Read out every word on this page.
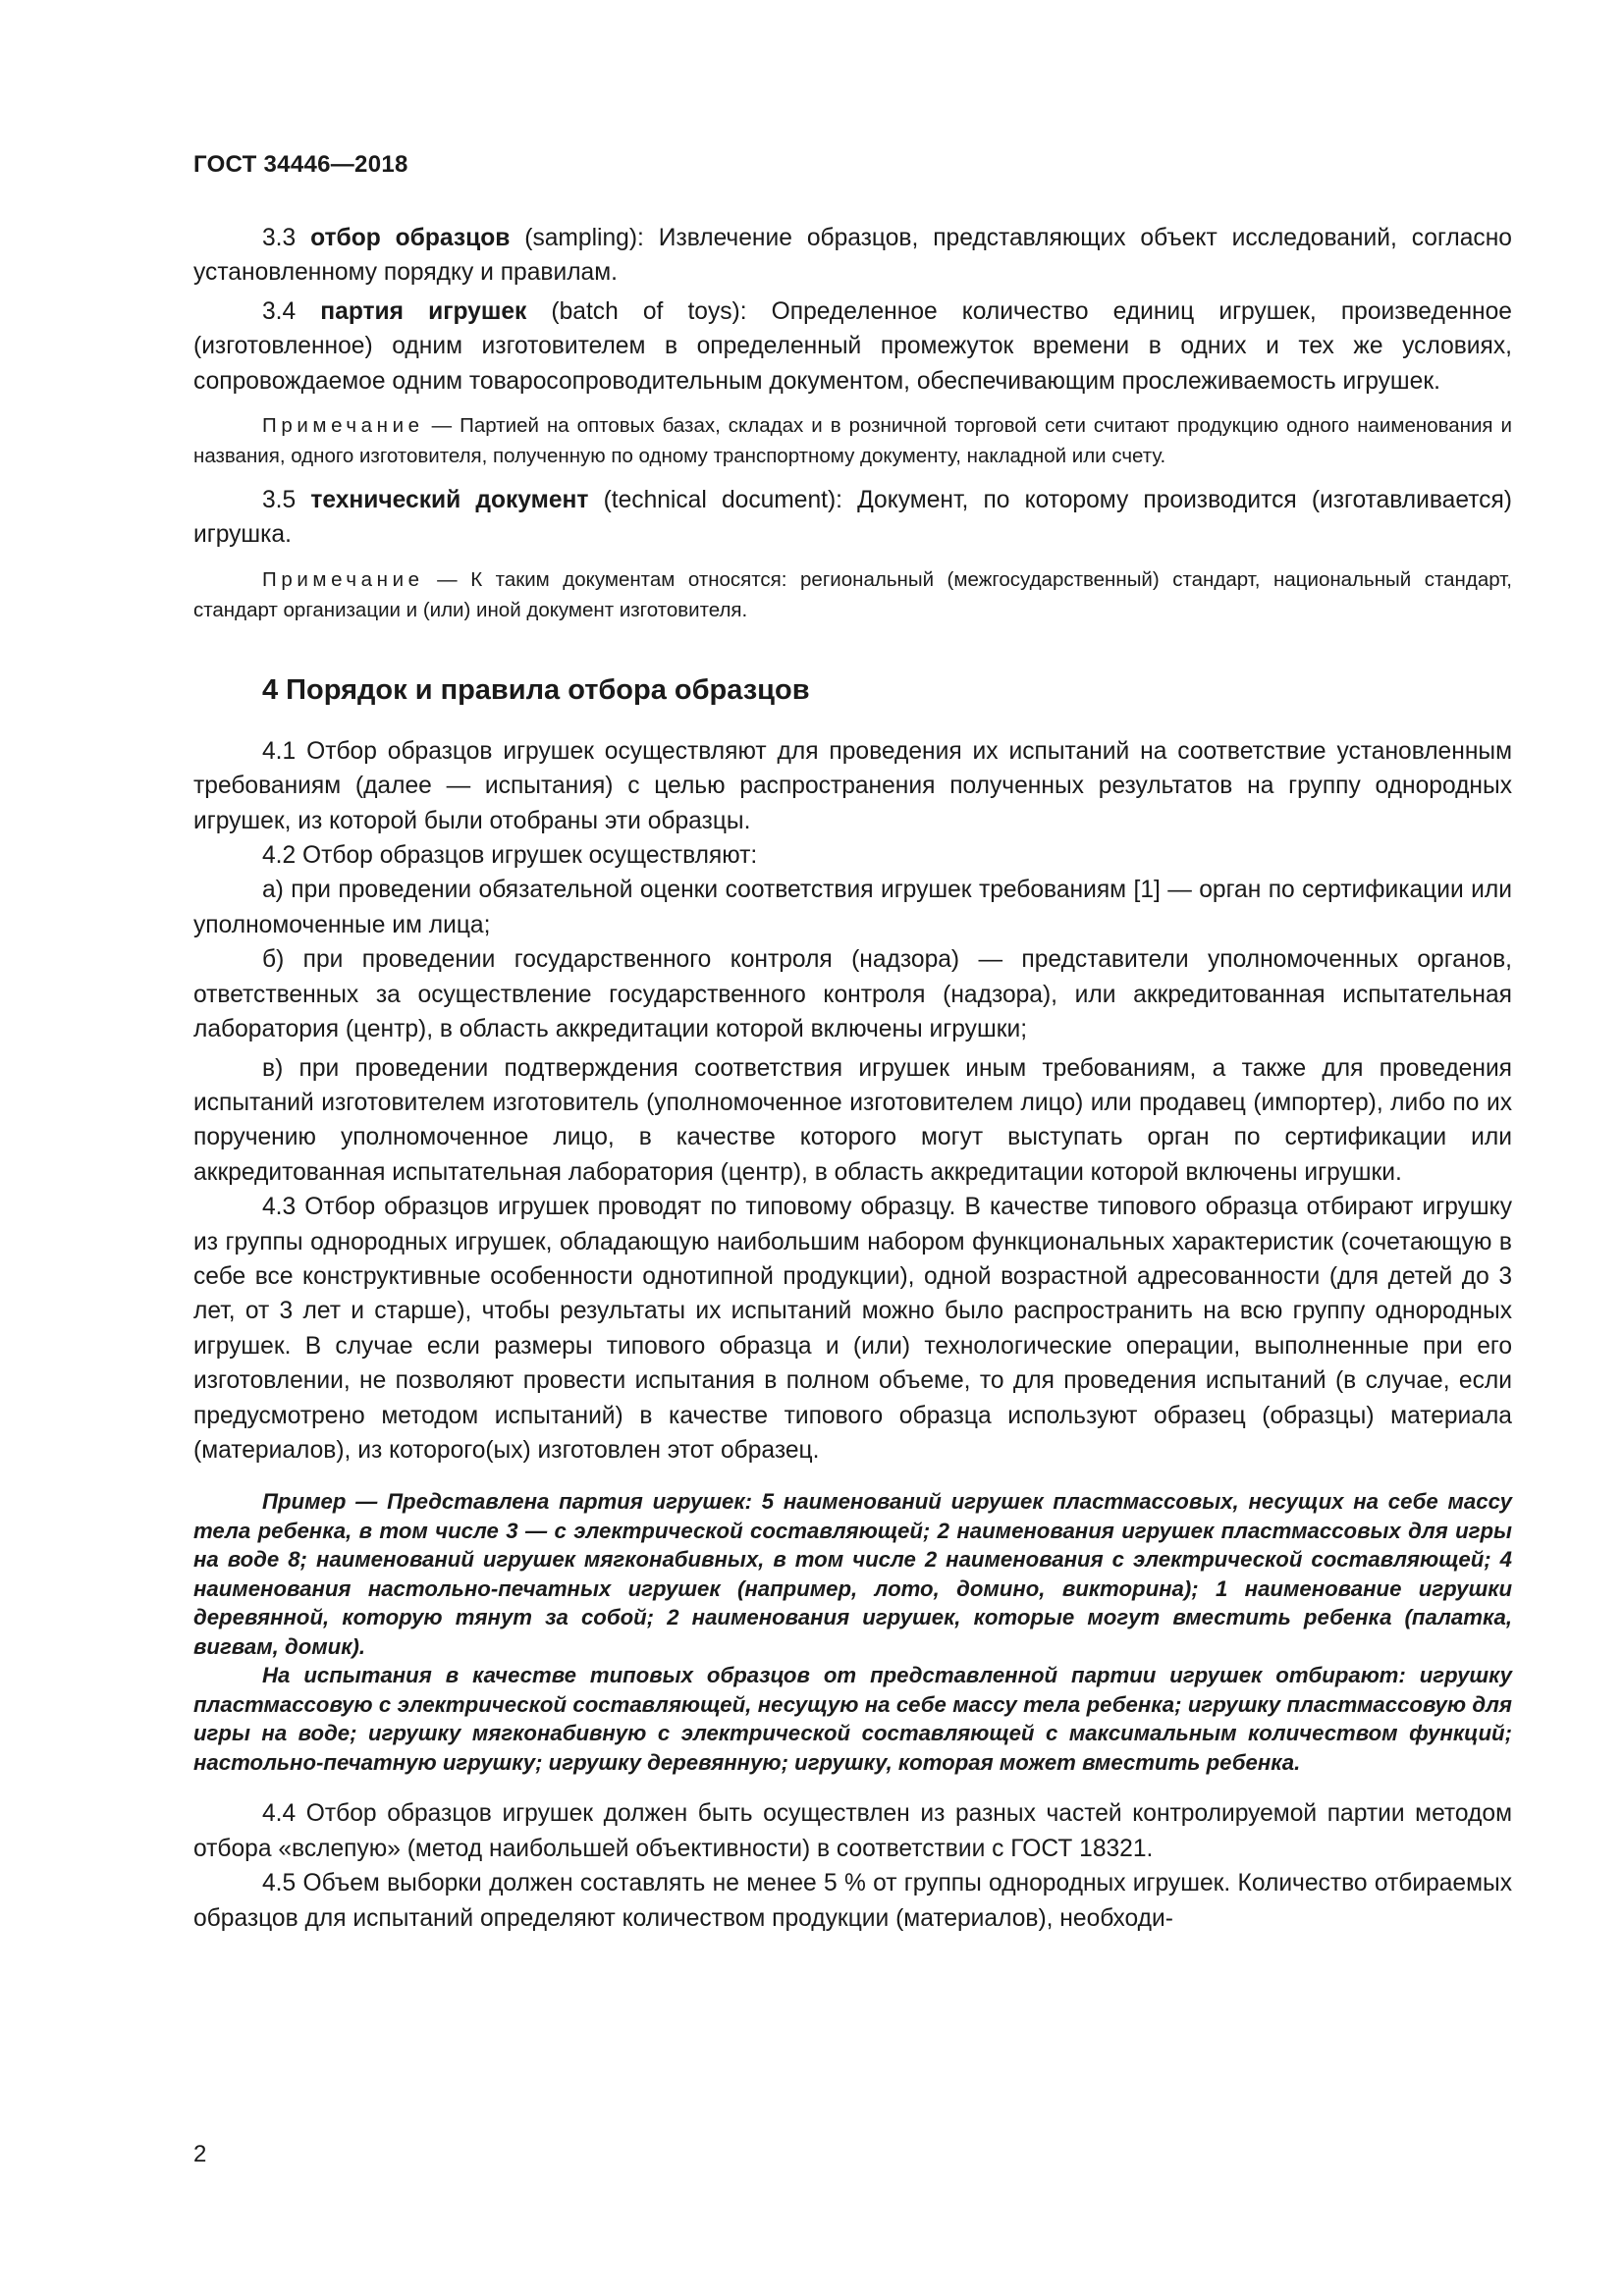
ГОСТ 34446—2018

3.3 отбор образцов (sampling): Извлечение образцов, представляющих объект исследований, согласно установленному порядку и правилам.

3.4 партия игрушек (batch of toys): Определенное количество единиц игрушек, произведенное (изготовленное) одним изготовителем в определенный промежуток времени в одних и тех же условиях, сопровождаемое одним товаросопроводительным документом, обеспечивающим прослеживаемость игрушек.

Примечание — Партией на оптовых базах, складах и в розничной торговой сети считают продукцию одного наименования и названия, одного изготовителя, полученную по одному транспортному документу, накладной или счету.

3.5 технический документ (technical document): Документ, по которому производится (изготавливается) игрушка.

Примечание — К таким документам относятся: региональный (межгосударственный) стандарт, национальный стандарт, стандарт организации и (или) иной документ изготовителя.

4 Порядок и правила отбора образцов

4.1 Отбор образцов игрушек осуществляют для проведения их испытаний на соответствие установленным требованиям (далее — испытания) с целью распространения полученных результатов на группу однородных игрушек, из которой были отобраны эти образцы.

4.2 Отбор образцов игрушек осуществляют:

а) при проведении обязательной оценки соответствия игрушек требованиям [1] — орган по сертификации или уполномоченные им лица;

б) при проведении государственного контроля (надзора) — представители уполномоченных органов, ответственных за осуществление государственного контроля (надзора), или аккредитованная испытательная лаборатория (центр), в область аккредитации которой включены игрушки;

в) при проведении подтверждения соответствия игрушек иным требованиям, а также для проведения испытаний изготовителем изготовитель (уполномоченное изготовителем лицо) или продавец (импортер), либо по их поручению уполномоченное лицо, в качестве которого могут выступать орган по сертификации или аккредитованная испытательная лаборатория (центр), в область аккредитации которой включены игрушки.

4.3 Отбор образцов игрушек проводят по типовому образцу. В качестве типового образца отбирают игрушку из группы однородных игрушек, обладающую наибольшим набором функциональных характеристик (сочетающую в себе все конструктивные особенности однотипной продукции), одной возрастной адресованности (для детей до 3 лет, от 3 лет и старше), чтобы результаты их испытаний можно было распространить на всю группу однородных игрушек. В случае если размеры типового образца и (или) технологические операции, выполненные при его изготовлении, не позволяют провести испытания в полном объеме, то для проведения испытаний (в случае, если предусмотрено методом испытаний) в качестве типового образца используют образец (образцы) материала (материалов), из которого(ых) изготовлен этот образец.

Пример — Представлена партия игрушек: 5 наименований игрушек пластмассовых, несущих на себе массу тела ребенка, в том числе 3 — с электрической составляющей; 2 наименования игрушек пластмассовых для игры на воде 8; наименований игрушек мягконабивных, в том числе 2 наименования с электрической составляющей; 4 наименования настольно-печатных игрушек (например, лото, домино, викторина); 1 наименование игрушки деревянной, которую тянут за собой; 2 наименования игрушек, которые могут вместить ребенка (палатка, вигвам, домик).

На испытания в качестве типовых образцов от представленной партии игрушек отбирают: игрушку пластмассовую с электрической составляющей, несущую на себе массу тела ребенка; игрушку пластмассовую для игры на воде; игрушку мягконабивную с электрической составляющей с максимальным количеством функций; настольно-печатную игрушку; игрушку деревянную; игрушку, которая может вместить ребенка.

4.4 Отбор образцов игрушек должен быть осуществлен из разных частей контролируемой партии методом отбора «вслепую» (метод наибольшей объективности) в соответствии с ГОСТ 18321.

4.5 Объем выборки должен составлять не менее 5 % от группы однородных игрушек. Количество отбираемых образцов для испытаний определяют количеством продукции (материалов), необходи-

2
